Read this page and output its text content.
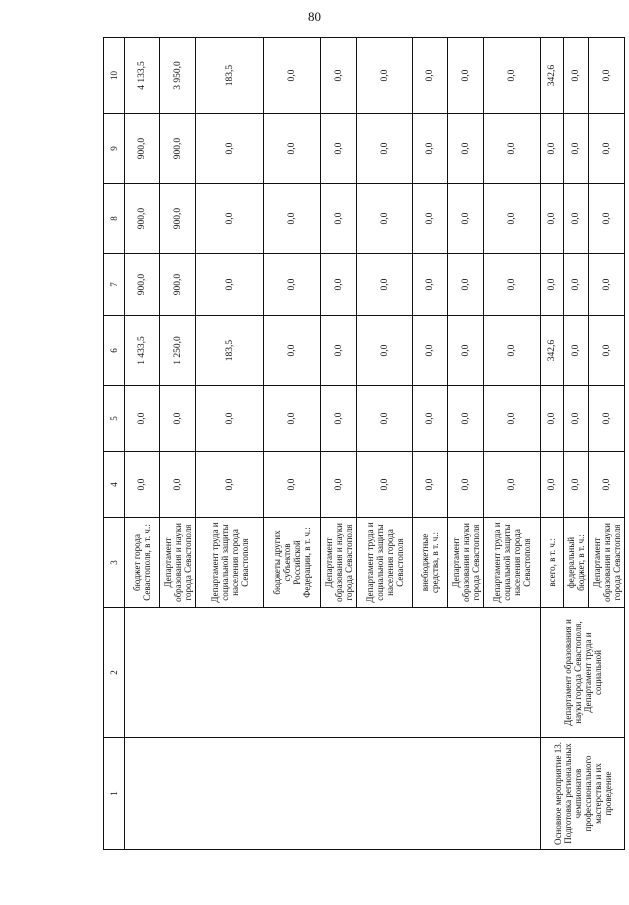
80
1	2	3	4	5	6	7	8	9	10
		бюджет города Севастополя, в т. ч.:	0,0	0,0	1 433,5	900,0	900,0	900,0	4 133,5
		Департамент образования и науки города Севастополя	0,0	0,0	1 250,0	900,0	900,0	900,0	3 950,0
		Департамент труда и социальной защиты населения города Севастополя	0,0	0,0	183,5	0,0	0,0	0,0	183,5
		бюджеты других субъектов Российской Федерации, в т. ч.:	0,0	0,0	0,0	0,0	0,0	0,0	0,0
		Департамент образования и науки города Севастополя	0,0	0,0	0,0	0,0	0,0	0,0	0,0
		Департамент труда и социальной защиты населения города Севастополя	0,0	0,0	0,0	0,0	0,0	0,0	0,0
		внебюджетные средства, в т. ч.:	0,0	0,0	0,0	0,0	0,0	0,0	0,0
		Департамент образования и науки города Севастополя	0,0	0,0	0,0	0,0	0,0	0,0	0,0
		Департамент труда и социальной защиты населения города Севастополя	0,0	0,0	0,0	0,0	0,0	0,0	0,0
Основное мероприятие 13. Подготовка региональных чемпионатов профессионального мастерства и их проведение	Департамент образования и науки города Севастополя, Департамент труда и социальной	всего, в т. ч.:	0,0	0,0	342,6	0,0	0,0	0,0	342,6
		федеральный бюджет, в т. ч.:	0,0	0,0	0,0	0,0	0,0	0,0	0,0
		Департамент образования и науки города Севастополя	0,0	0,0	0,0	0,0	0,0	0,0	0,0
